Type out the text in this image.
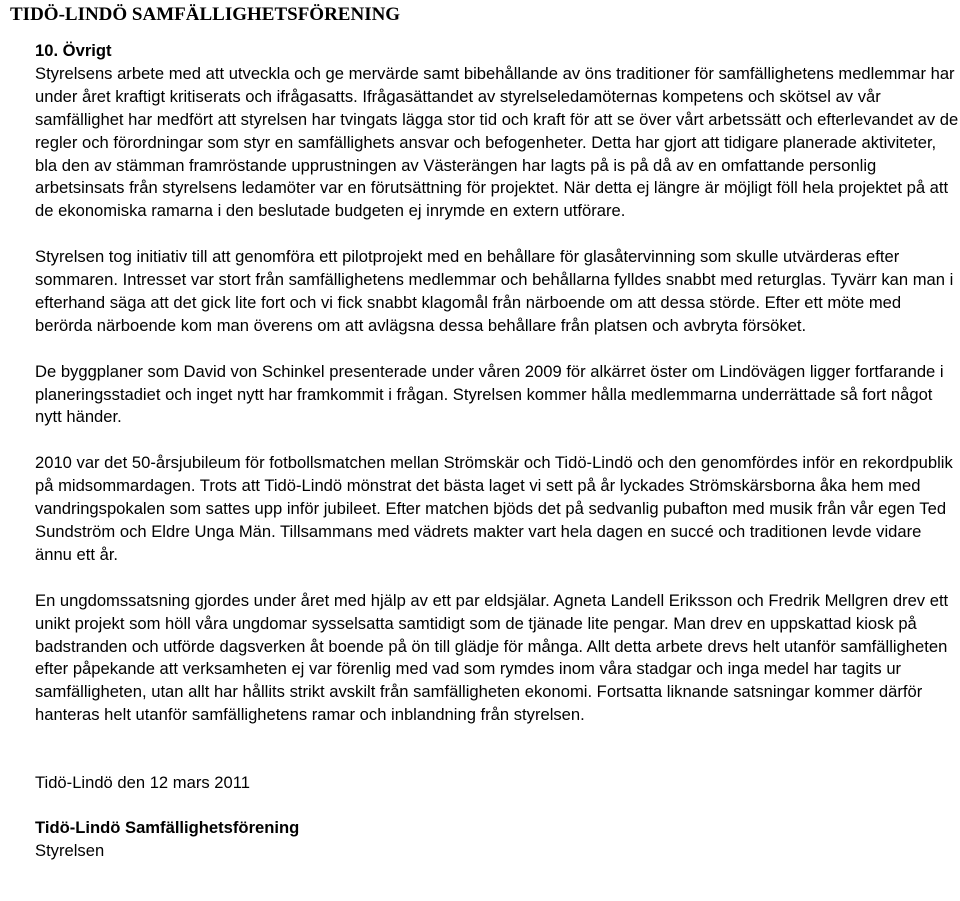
TIDÖ-LINDÖ SAMFÄLLIGHETSFÖRENING

10. Övrigt

Styrelsens arbete med att utveckla och ge mervärde samt bibehållande av öns traditioner för samfällighetens medlemmar har under året kraftigt kritiserats och ifrågasatts. Ifrågasättandet av styrelseledamöternas kompetens och skötsel av vår samfällighet har medfört att styrelsen har tvingats lägga stor tid och kraft för att se över vårt arbetssätt och efterlevandet av de regler och förordningar som styr en samfällighets ansvar och befogenheter. Detta har gjort att tidigare planerade aktiviteter, bla den av stämman framröstande upprustningen av Västerängen har lagts på is på då av en omfattande personlig arbetsinsats från styrelsens ledamöter var en förutsättning för projektet. När detta ej längre är möjligt föll hela projektet på att de ekonomiska ramarna i den beslutade budgeten ej inrymde en extern utförare.

Styrelsen tog initiativ till att genomföra ett pilotprojekt med en behållare för glasåtervinning som skulle utvärderas efter sommaren. Intresset var stort från samfällighetens medlemmar och behållarna fylldes snabbt med returglas. Tyvärr kan man i efterhand säga att det gick lite fort och vi fick snabbt klagomål från närboende om att dessa störde. Efter ett möte med berörda närboende kom man överens om att avlägsna dessa behållare från platsen och avbryta försöket.

De byggplaner som David von Schinkel presenterade under våren 2009 för alkärret öster om Lindövägen ligger fortfarande i planeringsstadiet och inget nytt har framkommit i frågan. Styrelsen kommer hålla medlemmarna underrättade så fort något nytt händer.

2010 var det 50-årsjubileum för fotbollsmatchen mellan Strömskär och Tidö-Lindö och den genomfördes inför en rekordpublik på midsommardagen. Trots att Tidö-Lindö mönstrat det bästa laget vi sett på år lyckades Strömskärsborna åka hem med vandringspokalen som sattes upp inför jubileet. Efter matchen bjöds det på sedvanlig pubafton med musik från vår egen Ted Sundström och Eldre Unga Män. Tillsammans med vädrets makter vart hela dagen en succé och traditionen levde vidare ännu ett år.

En ungdomssatsning gjordes under året med hjälp av ett par eldsjälar. Agneta Landell Eriksson och Fredrik Mellgren drev ett unikt projekt som höll våra ungdomar sysselsatta samtidigt som de tjänade lite pengar. Man drev en uppskattad kiosk på badstranden och utförde dagsverken åt boende på ön till glädje för många. Allt detta arbete drevs helt utanför samfälligheten efter påpekande att verksamheten ej var förenlig med vad som rymdes inom våra stadgar och inga medel har tagits ur samfälligheten, utan allt har hållits strikt avskilt från samfälligheten ekonomi. Fortsatta liknande satsningar kommer därför hanteras helt utanför samfällighetens ramar och inblandning från styrelsen.

Tidö-Lindö den 12 mars 2011

Tidö-Lindö Samfällighetsförening

Styrelsen
